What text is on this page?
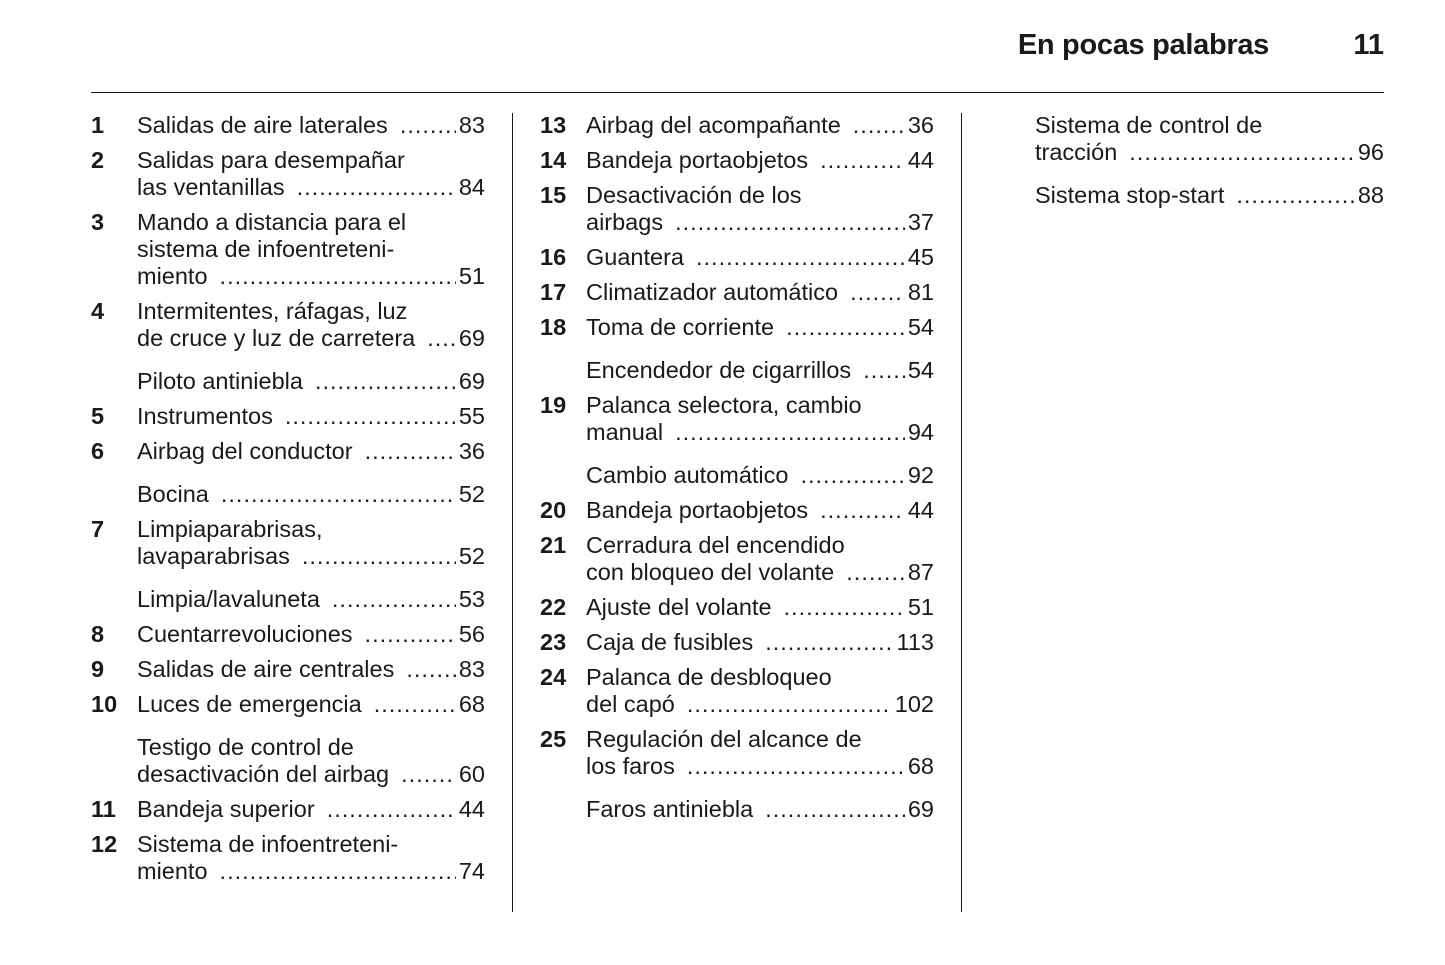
En pocas palabras	11
1 Salidas de aire laterales .....	83
2 Salidas para desempañar
las ventanillas .....	84
3 Mando a distancia para el
sistema de infoentreteni-
miento .....	51
4 Intermitentes, ráfagas, luz
de cruce y luz de carretera ..... 69
Piloto antiniebla .....	69
5 Instrumentos .....	55
6 Airbag del conductor .....	36
Bocina .....	52
7 Limpiaparabrisas,
lavaparabrisas .....	52
Limpia/lavaluneta .....	53
8 Cuentarrevoluciones .....	56
9 Salidas de aire centrales .....	83
10 Luces de emergencia .....	68
Testigo de control de
desactivación del airbag .....	60
11 Bandeja superior .....	44
12 Sistema de infoentreteni-
miento .....	74
13 Airbag del acompañante .....	36
14 Bandeja portaobjetos .....	44
15 Desactivación de los
airbags .....	37
16 Guantera .....	45
17 Climatizador automático .....	81
18 Toma de corriente .....	54
Encendedor de cigarrillos ..... 54
19 Palanca selectora, cambio
manual .....	94
Cambio automático .....	92
20 Bandeja portaobjetos .....	44
21 Cerradura del encendido
con bloqueo del volante .....	87
22 Ajuste del volante .....	51
23 Caja de fusibles .....	113
24 Palanca de desbloqueo
del capó .....	102
25 Regulación del alcance de
los faros .....	68
Faros antiniebla .....	69
Sistema de control de
tracción .....	96
Sistema stop-start .....	88
